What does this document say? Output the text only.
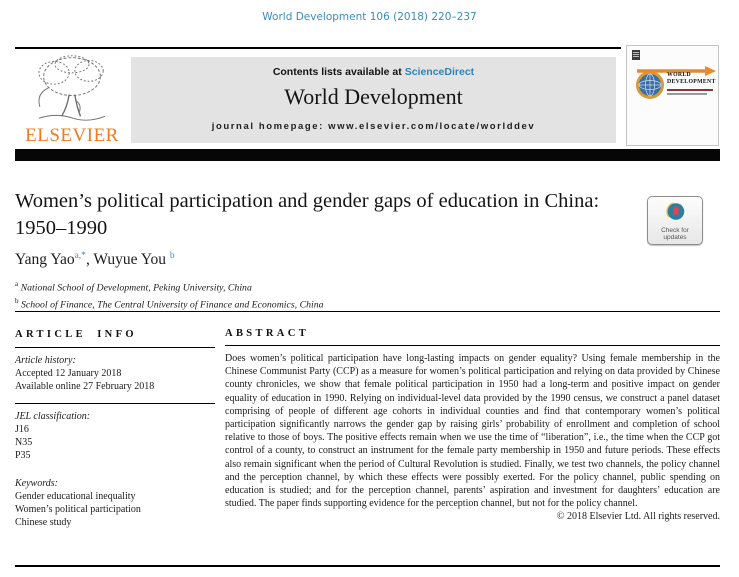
World Development 106 (2018) 220–237
ELSEVIER
Contents lists available at ScienceDirect
World Development
journal homepage: www.elsevier.com/locate/worlddev
WORLD
DEVELOPMENT
Women’s political participation and gender gaps of education in China:
1950–1990	Check for
updates
Yang Yao$^{a,*}$, Wuyue You $^b$
$^a$ National School of Development, Peking University, China
$^b$ School of Finance, The Central University of Finance and Economics, China
ARTICLE INFO
Article history:
Accepted 12 January 2018
Available online 27 February 2018
JEL classification:
J16
N35
P35
Keywords:
Gender educational inequality
Women’s political participation
Chinese study
ABSTRACT

Does women’s political participation have long-lasting impacts on gender equality? Using female membership in the Chinese Communist Party (CCP) as a measure for women’s political participation and relying on data provided by Chinese county chronicles, we show that female political participation in 1950 had a long-term and positive impact on gender equality of education in 1990. Relying on individual-level data provided by the 1990 census, we construct a panel dataset comprising of people of different age cohorts in individual counties and find that contemporary women’s political participation significantly narrows the gender gap by raising girls’ probability of enrollment and completion of school relative to those of boys. The positive effects remain when we use the time of “liberation”, i.e., the time when the CCP got control of a county, to construct an instrument for the female party membership in 1950 and future periods. These effects also remain significant when the period of Cultural Revolution is studied. Finally, we test two channels, the policy channel and the perception channel, by which these effects were possibly exerted. For the policy channel, public spending on education is studied; and for the perception channel, parents’ aspiration and investment for daughters’ education are studied. The paper finds supporting evidence for the perception channel, but not for the policy channel.

© 2018 Elsevier Ltd. All rights reserved.
